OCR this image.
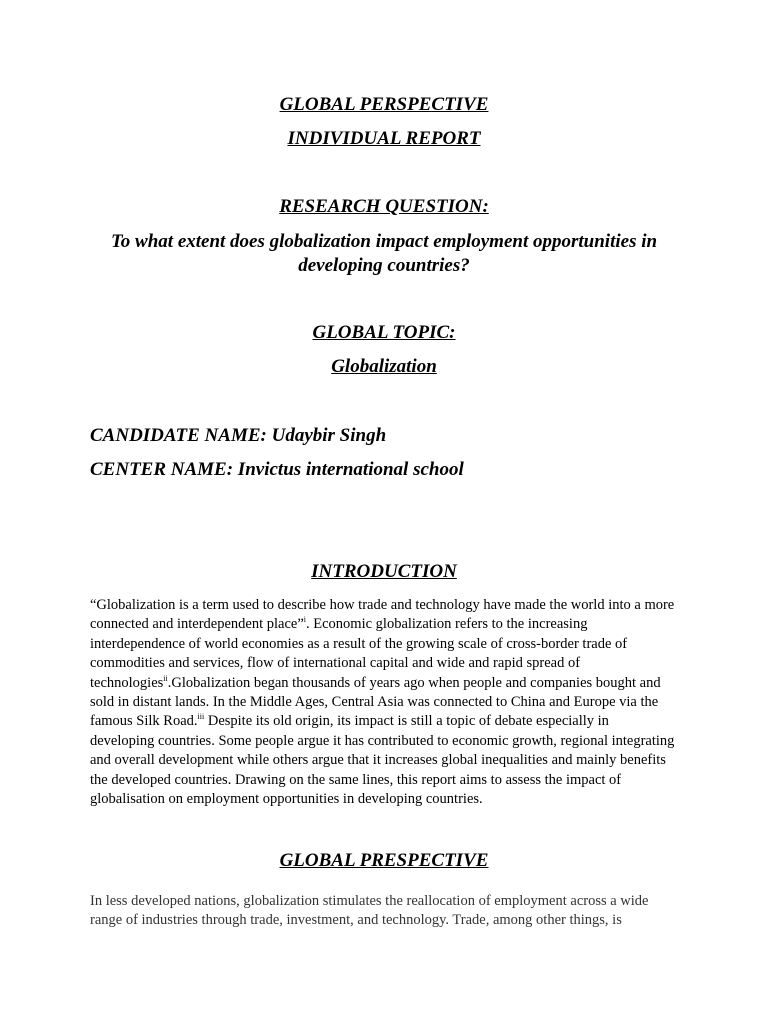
GLOBAL PERSPECTIVE
INDIVIDUAL REPORT
RESEARCH QUESTION:
To what extent does globalization impact employment opportunities in developing countries?
GLOBAL TOPIC:
Globalization
CANDIDATE NAME: Udaybir Singh
CENTER NAME: Invictus international school
INTRODUCTION

“Globalization is a term used to describe how trade and technology have made the world into a more connected and interdependent place”$^i$. Economic globalization refers to the increasing interdependence of world economies as a result of the growing scale of cross-border trade of commodities and services, flow of international capital and wide and rapid spread of technologies$^{ii}$.Globalization began thousands of years ago when people and companies bought and sold in distant lands. In the Middle Ages, Central Asia was connected to China and Europe via the famous Silk Road.$^{iii}$ Despite its old origin, its impact is still a topic of debate especially in developing countries. Some people argue it has contributed to economic growth, regional integrating and overall development while others argue that it increases global inequalities and mainly benefits the developed countries. Drawing on the same lines, this report aims to assess the impact of globalisation on employment opportunities in developing countries.

GLOBAL PRESPECTIVE

In less developed nations, globalization stimulates the reallocation of employment across a wide range of industries through trade, investment, and technology. Trade, among other things, is
